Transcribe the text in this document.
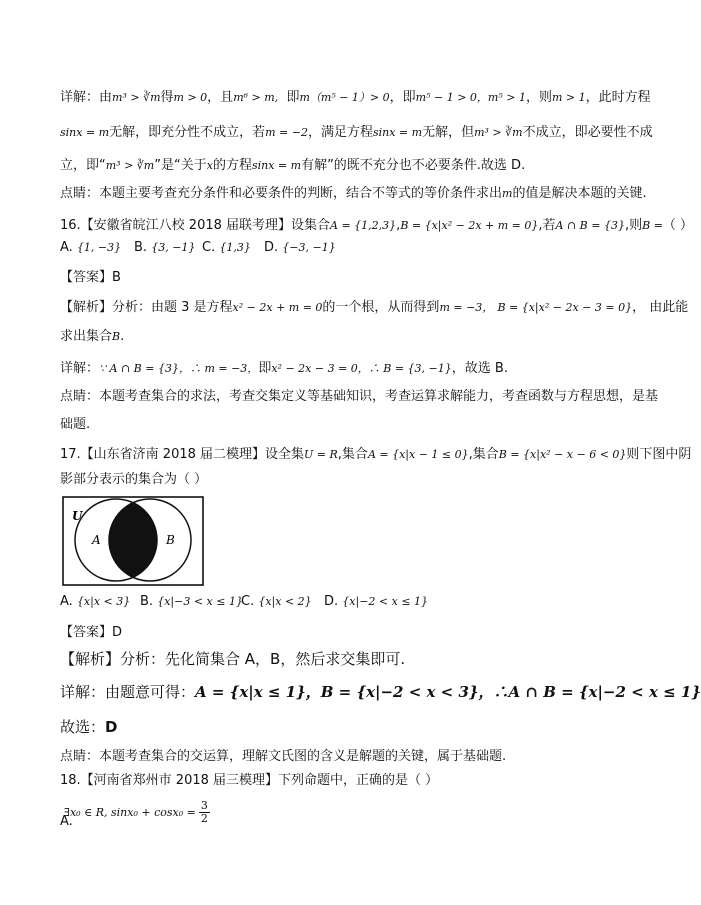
详解：由m³ > ∛m得m > 0，且m⁶ > m, 即m（m⁵ − 1）> 0，即m⁵ − 1 > 0，m⁵ > 1，则m > 1，此时方程
sinx = m无解，即充分性不成立，若m = −2，满足方程sinx = m无解，但m³ > ∛m不成立，即必要性不成
立，即“m³ > ∛m”是“关于x的方程sinx = m有解”的既不充分也不必要条件.故选 D.
点睛：本题主要考查充分条件和必要条件的判断，结合不等式的等价条件求出m的值是解决本题的关键.
16.【安徽省皖江八校 2018 届联考理】设集合A = {1,2,3},B = {x|x² − 2x + m = 0},若A ∩ B = {3},则B =（ ）
A. {1, −3} B. {3, −1} C. {1,3} D. {−3, −1}
【答案】B
【解析】分析：由题 3 是方程x² − 2x + m = 0的一个根，从而得到m = −3， B = {x|x² − 2x − 3 = 0}， 由此能
求出集合B.
详解：∵ A ∩ B = {3}，∴ m = −3，即x² − 2x − 3 = 0，∴ B = {3, −1}，故选 B.
点睛：本题考查集合的求法，考查交集定义等基础知识，考查运算求解能力，考查函数与方程思想，是基
础题.
17.【山东省济南 2018 届二模理】设全集U = R,集合A = {x|x − 1 ≤ 0},集合B = {x|x² − x − 6 < 0}则下图中阴
影部分表示的集合为（ ）
U
A	B
A. {x|x < 3} B. {x|−3 < x ≤ 1}
C. {x|x < 2} D. {x|−2 < x ≤ 1}
【答案】D
【解析】分析：先化简集合 A，B，然后求交集即可.
详解：由题意可得：A = {x|x ≤ 1}，B = {x|−2 < x < 3}，∴A ∩ B = {x|−2 < x ≤ 1}
故选：D
点睛：本题考查集合的交运算，理解文氏图的含义是解题的关键，属于基础题.
18.【河南省郑州市 2018 届三模理】下列命题中，正确的是（ ）
A.
∃x₀ ∈ R, $\sin x_0 + \cos x_0 = \frac{3}{2}$
